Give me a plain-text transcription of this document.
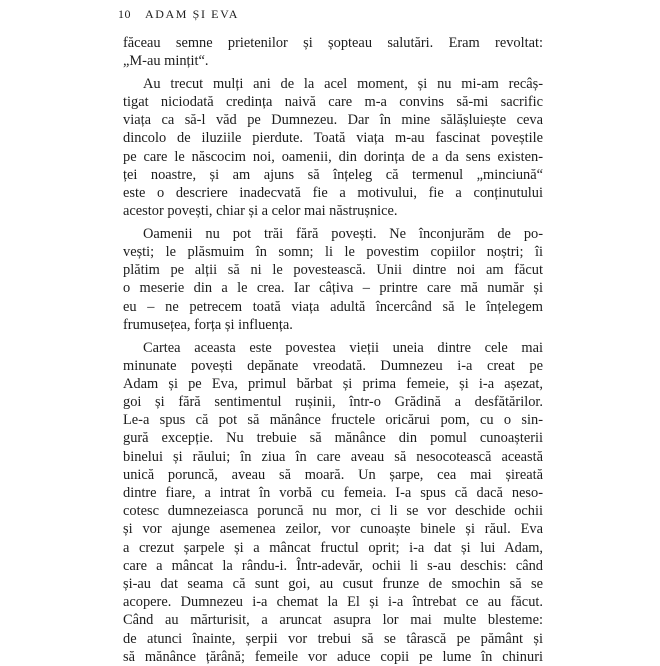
10 ADAM ȘI EVA
făceau semne prietenilor și șopteau salutări. Eram revoltat:
„M-au mințit“.
Au trecut mulți ani de la acel moment, și nu mi-am recâș-
tigat niciodată credința naivă care m-a convins să-mi sacrific
viața ca să-l văd pe Dumnezeu. Dar în mine sălășluiește ceva
dincolo de iluziile pierdute. Toată viața m-au fascinat poveștile
pe care le născocim noi, oamenii, din dorința de a da sens existen-
ței noastre, și am ajuns să înțeleg că termenul „minciună“
este o descriere inadecvată fie a motivului, fie a conținutului
acestor povești, chiar și a celor mai năstrușnice.
Oamenii nu pot trăi fără povești. Ne înconjurăm de po-
vești; le plăsmuim în somn; li le povestim copiilor noștri; îi
plătim pe alții să ni le povestească. Unii dintre noi am făcut
o meserie din a le crea. Iar câțiva – printre care mă număr și
eu – ne petrecem toată viața adultă încercând să le înțelegem
frumusețea, forța și influența.
Cartea aceasta este povestea vieții uneia dintre cele mai
minunate povești depănate vreodată. Dumnezeu i-a creat pe
Adam și pe Eva, primul bărbat și prima femeie, și i-a așezat,
goi și fără sentimentul rușinii, într-o Grădină a desfătărilor.
Le-a spus că pot să mănânce fructele oricărui pom, cu o sin-
gură excepție. Nu trebuie să mănânce din pomul cunoașterii
binelui și răului; în ziua în care aveau să nesocotească această
unică poruncă, aveau să moară. Un șarpe, cea mai șireată
dintre fiare, a intrat în vorbă cu femeia. I-a spus că dacă neso-
cotesc dumnezeiasca poruncă nu mor, ci li se vor deschide ochii
și vor ajunge asemenea zeilor, vor cunoaște binele și răul. Eva
a crezut șarpele și a mâncat fructul oprit; i-a dat și lui Adam,
care a mâncat la rându-i. Într-adevăr, ochii li s-au deschis: când
și-au dat seama că sunt goi, au cusut frunze de smochin să se
acopere. Dumnezeu i-a chemat la El și i-a întrebat ce au făcut.
Când au mărturisit, a aruncat asupra lor mai multe blesteme:
de atunci înainte, șerpii vor trebui să se târască pe pământ și
să mănânce țărână; femeile vor aduce copii pe lume în chinuri
